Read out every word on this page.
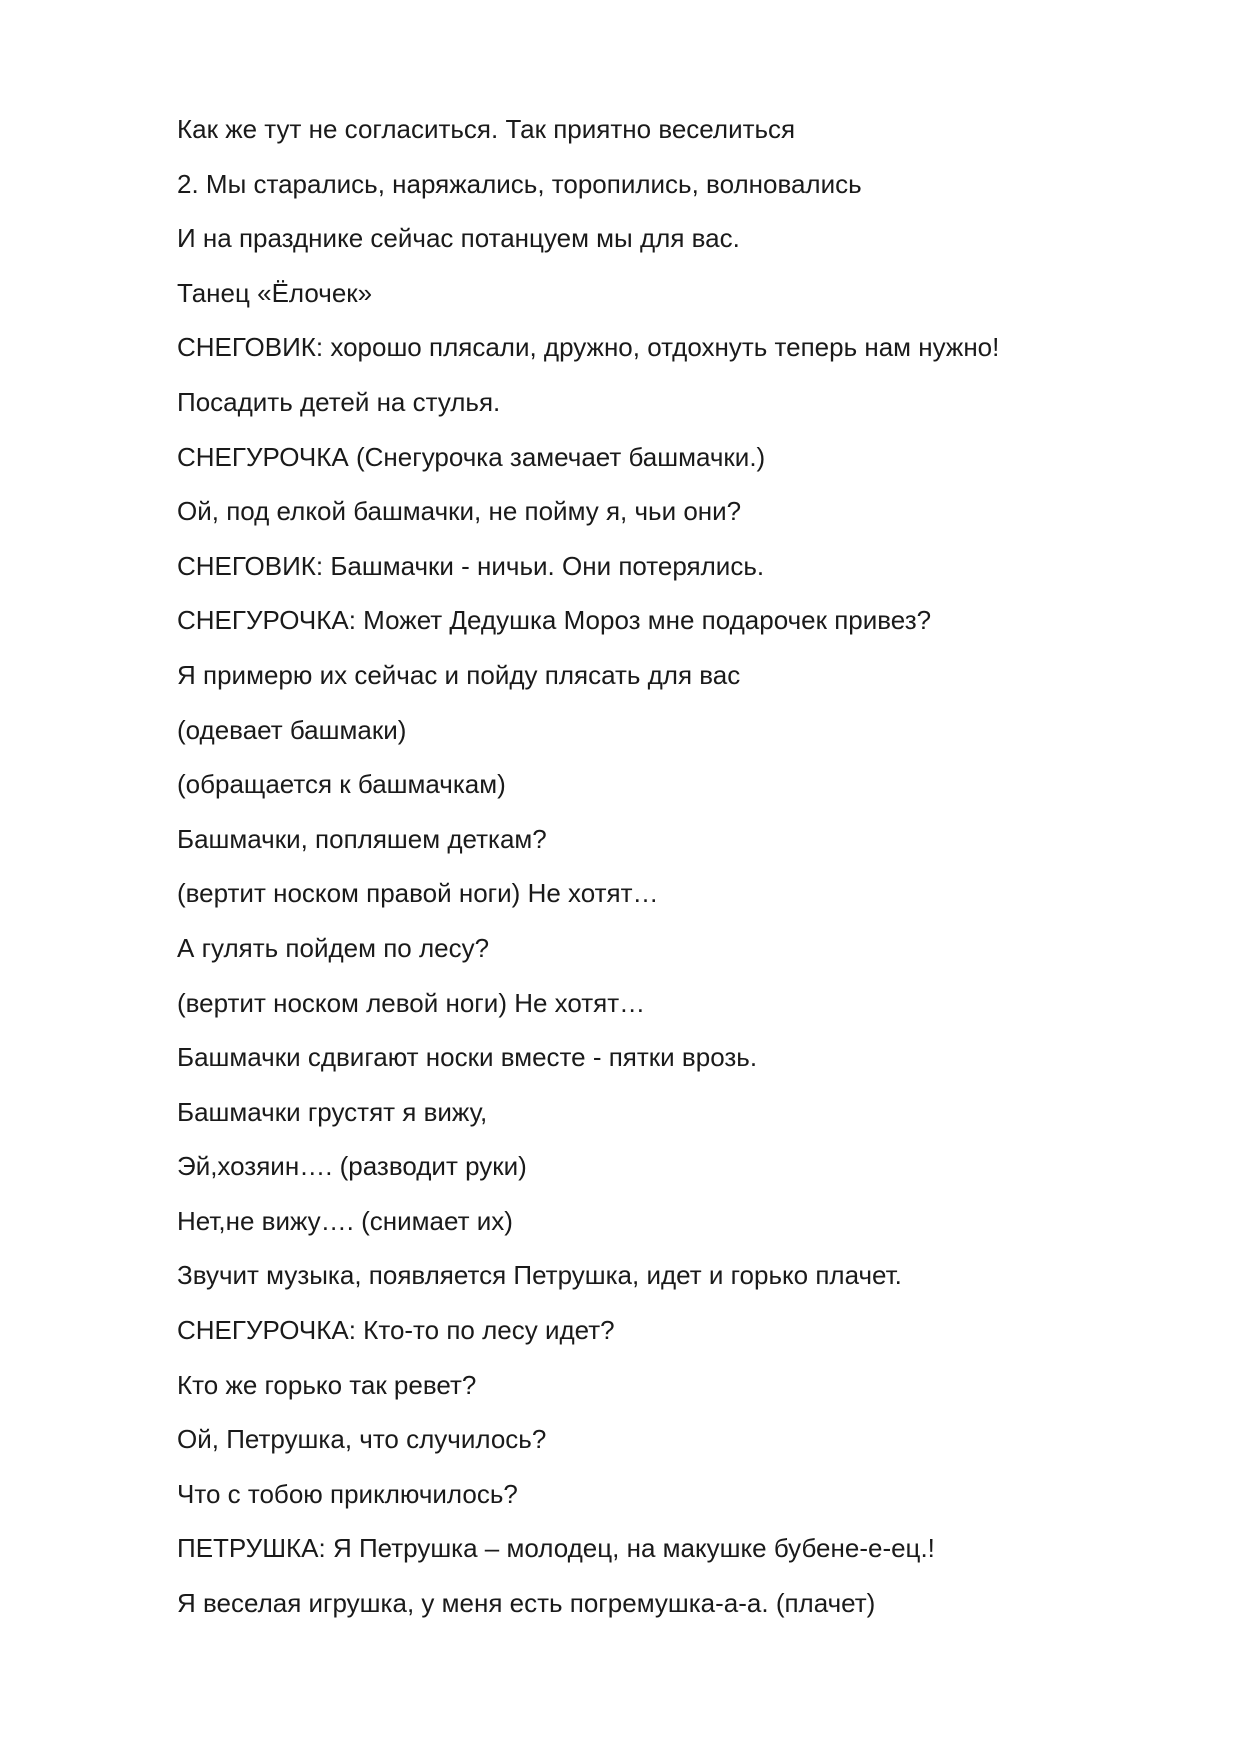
Как же тут не согласиться. Так приятно веселиться
2. Мы старались, наряжались, торопились, волновались
И на празднике сейчас потанцуем мы для вас.
Танец «Ёлочек»
СНЕГОВИК: хорошо плясали, дружно, отдохнуть теперь нам нужно!
Посадить детей на стулья.
СНЕГУРОЧКА (Снегурочка замечает башмачки.)
Ой, под елкой башмачки, не пойму я, чьи они?
СНЕГОВИК: Башмачки - ничьи. Они потерялись.
СНЕГУРОЧКА: Может Дедушка Мороз мне подарочек привез?
Я примерю их сейчас и пойду плясать для вас
(одевает башмаки)
(обращается к башмачкам)
Башмачки, попляшем деткам?
(вертит носком правой ноги) Не хотят…
А гулять пойдем по лесу?
(вертит носком левой ноги) Не хотят…
Башмачки сдвигают носки вместе - пятки врозь.
Башмачки грустят я вижу,
Эй,хозяин…. (разводит руки)
Нет,не вижу…. (снимает их)
Звучит музыка, появляется Петрушка, идет и горько плачет.
СНЕГУРОЧКА: Кто-то по лесу идет?
Кто же горько так ревет?
Ой, Петрушка, что случилось?
Что с тобою приключилось?
ПЕТРУШКА: Я Петрушка – молодец, на макушке бубене-е-ец.!
Я веселая игрушка, у меня есть погремушка-а-а. (плачет)
